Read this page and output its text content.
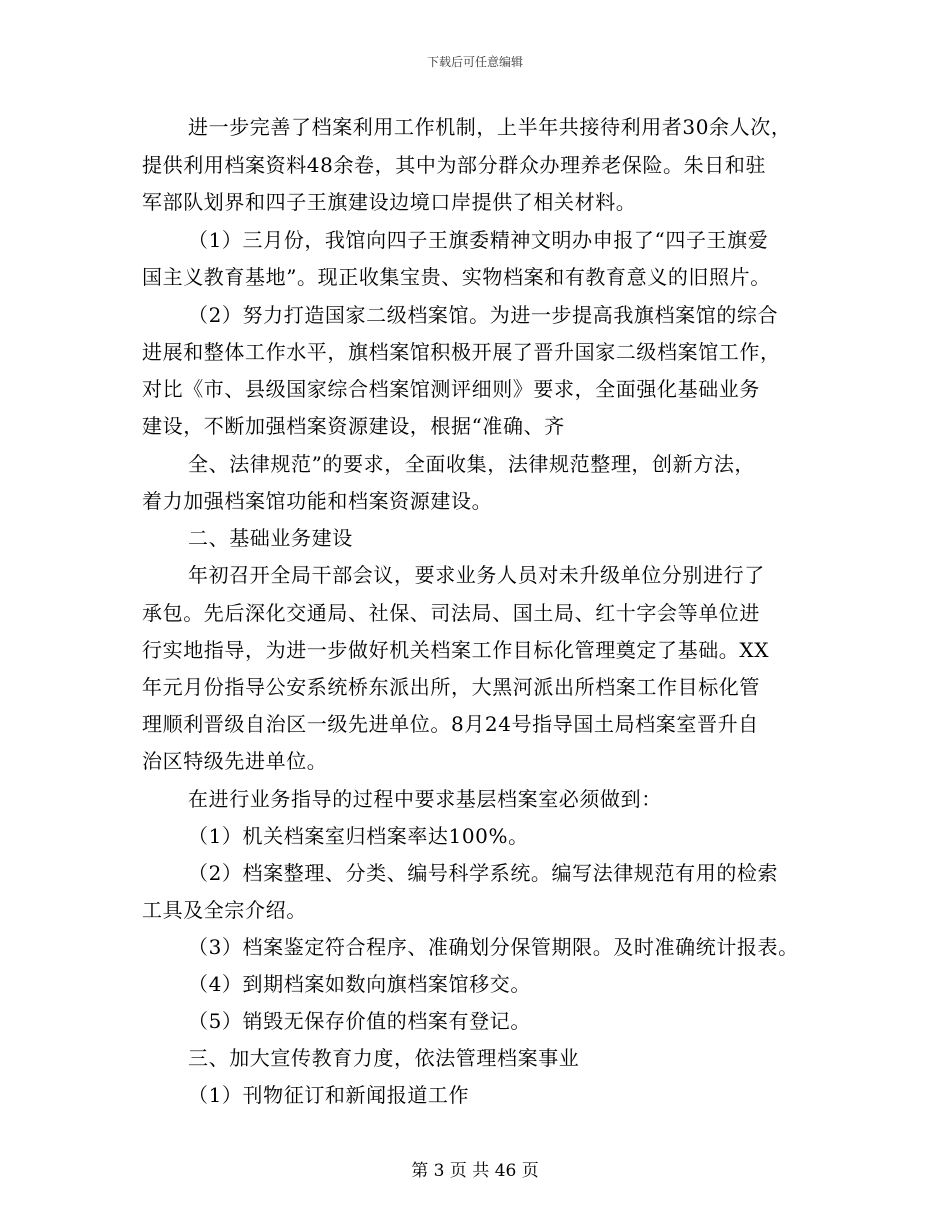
下载后可任意编辑
进一步完善了档案利用工作机制，上半年共接待利用者30余人次，
提供利用档案资料48余卷，其中为部分群众办理养老保险。朱日和驻
军部队划界和四子王旗建设边境口岸提供了相关材料。
（1）三月份，我馆向四子王旗委精神文明办申报了“四子王旗爱
国主义教育基地”。现正收集宝贵、实物档案和有教育意义的旧照片。
（2）努力打造国家二级档案馆。为进一步提高我旗档案馆的综合
进展和整体工作水平，旗档案馆积极开展了晋升国家二级档案馆工作，
对比《市、县级国家综合档案馆测评细则》要求，全面强化基础业务
建设，不断加强档案资源建设，根据“准确、齐
全、法律规范”的要求，全面收集，法律规范整理，创新方法，
着力加强档案馆功能和档案资源建设。
二、基础业务建设
年初召开全局干部会议，要求业务人员对未升级单位分别进行了
承包。先后深化交通局、社保、司法局、国土局、红十字会等单位进
行实地指导，为进一步做好机关档案工作目标化管理奠定了基础。XX
年元月份指导公安系统桥东派出所，大黑河派出所档案工作目标化管
理顺利晋级自治区一级先进单位。8月24号指导国土局档案室晋升自
治区特级先进单位。
在进行业务指导的过程中要求基层档案室必须做到：
（1）机关档案室归档案率达100%。
（2）档案整理、分类、编号科学系统。编写法律规范有用的检索
工具及全宗介绍。
（3）档案鉴定符合程序、准确划分保管期限。及时准确统计报表。
（4）到期档案如数向旗档案馆移交。
（5）销毁无保存价值的档案有登记。
三、加大宣传教育力度，依法管理档案事业
（1）刊物征订和新闻报道工作
第 3 页 共 46 页
